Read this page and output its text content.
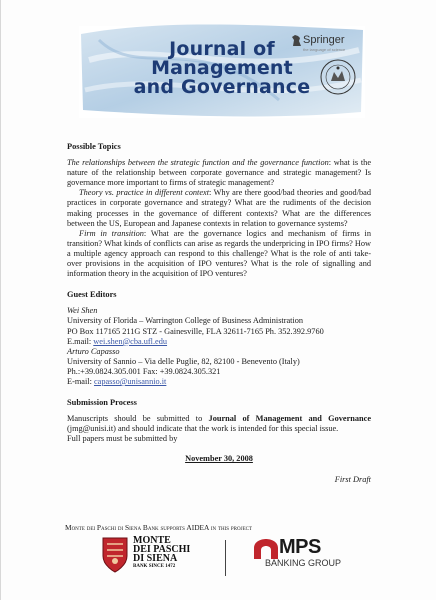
Journal of
Management
and Governance
Springer
the language of science
Possible Topics

The relationships between the strategic function and the governance function: what is the nature of the relationship between corporate governance and strategic management? Is governance more important to firms of strategic management?

Theory vs. practice in different context: Why are there good/bad theories and good/bad practices in corporate governance and strategy? What are the rudiments of the decision making processes in the governance of different contexts? What are the differences between the US, European and Japanese contexts in relation to governance systems?

Firm in transition: What are the governance logics and mechanism of firms in transition? What kinds of conflicts can arise as regards the underpricing in IPO firms? How a multiple agency approach can respond to this challenge? What is the role of anti take-over provisions in the acquisition of IPO ventures? What is the role of signalling and information theory in the acquisition of IPO ventures?

Guest Editors

Wei Shen
University of Florida – Warrington College of Business Administration
PO Box 117165 211G STZ - Gainesville, FLA 32611-7165 Ph. 352.392.9760
E.mail: wei.shen@cba.ufl.edu
Arturo Capasso
University of Sannio – Via delle Puglie, 82, 82100 - Benevento (Italy)
Ph.:+39.0824.305.001 Fax: +39.0824.305.321
E-mail: capasso@unisannio.it

Submission Process

Manuscripts should be submitted to Journal of Management and Governance (jmg@unisi.it) and should indicate that the work is intended for this special issue.
Full papers must be submitted by

November 30, 2008
First Draft
Monte dei Paschi di Siena Bank supports AIDEA in this project
MONTE
DEI PASCHI
DI SIENA
BANK SINCE 1472
MPS
BANKING GROUP
